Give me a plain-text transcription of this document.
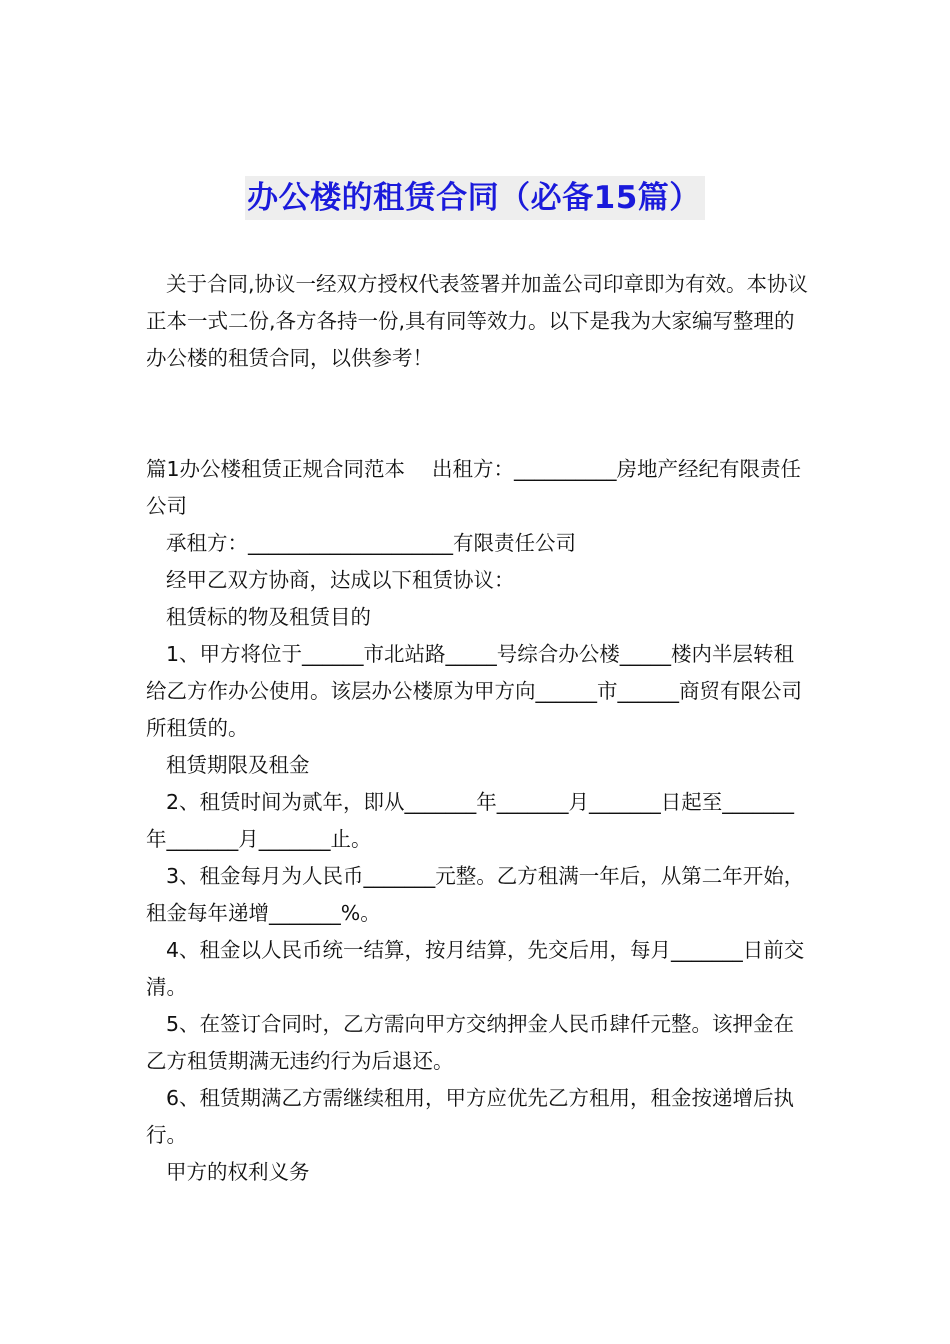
办公楼的租赁合同（必备15篇）

关于合同,协议一经双方授权代表签署并加盖公司印章即为有效。本协议正本一式二份,各方各持一份,具有同等效力。以下是我为大家编写整理的办公楼的租赁合同，以供参考！

篇1办公楼租赁正规合同范本　 出租方：__________房地产经纪有限责任公司

承租方：____________________有限责任公司

经甲乙双方协商，达成以下租赁协议：

租赁标的物及租赁目的

1、甲方将位于______市北站路_____号综合办公楼_____楼内半层转租给乙方作办公使用。该层办公楼原为甲方向______市______商贸有限公司所租赁的。

租赁期限及租金

2、租赁时间为贰年，即从_______年_______月_______日起至_______年_______月_______止。

3、租金每月为人民币_______元整。乙方租满一年后，从第二年开始，租金每年递增_______%。

4、租金以人民币统一结算，按月结算，先交后用，每月_______日前交清。

5、在签订合同时，乙方需向甲方交纳押金人民币肆仟元整。该押金在乙方租赁期满无违约行为后退还。

6、租赁期满乙方需继续租用，甲方应优先乙方租用，租金按递增后执行。

甲方的权利义务
